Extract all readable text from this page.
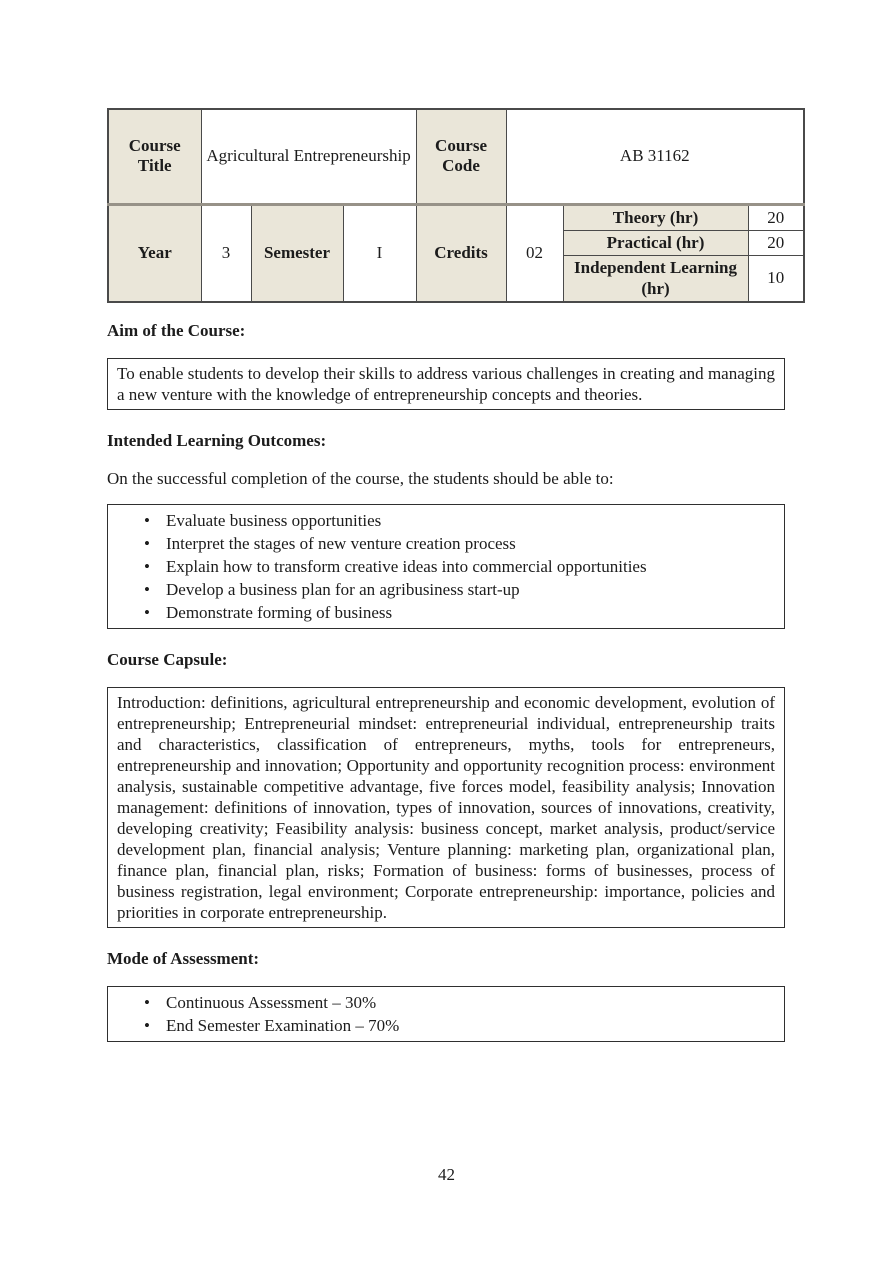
Course Title	Agricultural Entrepreneurship			Course Code	AB 31162		
Year	3	Semester	I	Credits	02	Theory (hr)	20
						Practical (hr)	20
						Independent Learning (hr)	10
Aim of the Course:
To enable students to develop their skills to address various challenges in creating and managing a new venture with the knowledge of entrepreneurship concepts and theories.
Intended Learning Outcomes:

On the successful completion of the course, the students should be able to:

• Evaluate business opportunities
• Interpret the stages of new venture creation process
• Explain how to transform creative ideas into commercial opportunities
• Develop a business plan for an agribusiness start-up
• Demonstrate forming of business
Course Capsule:
Introduction: definitions, agricultural entrepreneurship and economic development, evolution of entrepreneurship; Entrepreneurial mindset: entrepreneurial individual, entrepreneurship traits and characteristics, classification of entrepreneurs, myths, tools for entrepreneurs, entrepreneurship and innovation; Opportunity and opportunity recognition process: environment analysis, sustainable competitive advantage, five forces model, feasibility analysis; Innovation management: definitions of innovation, types of innovation, sources of innovations, creativity, developing creativity; Feasibility analysis: business concept, market analysis, product/service development plan, financial analysis; Venture planning: marketing plan, organizational plan, finance plan, financial plan, risks; Formation of business: forms of businesses, process of business registration, legal environment; Corporate entrepreneurship: importance, policies and priorities in corporate entrepreneurship.
Mode of Assessment:
• Continuous Assessment – 30%
• End Semester Examination – 70%
42
